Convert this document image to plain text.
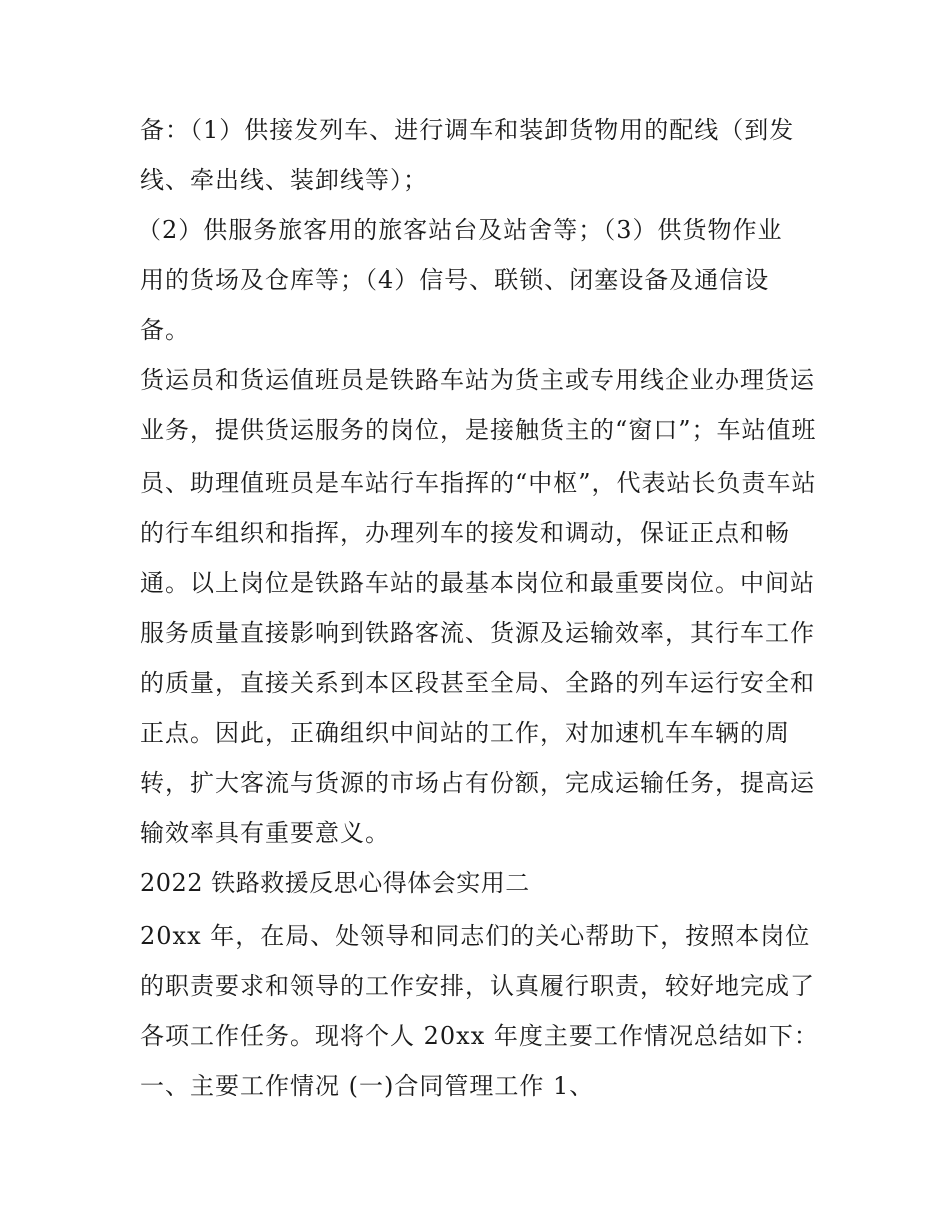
备：（1）供接发列车、进行调车和装卸货物用的配线（到发
线、牵出线、装卸线等）；
（2）供服务旅客用的旅客站台及站舍等；（3）供货物作业
用的货场及仓库等；（4）信号、联锁、闭塞设备及通信设
备。
货运员和货运值班员是铁路车站为货主或专用线企业办理货运
业务，提供货运服务的岗位，是接触货主的“窗口”；车站值班
员、助理值班员是车站行车指挥的“中枢”，代表站长负责车站
的行车组织和指挥，办理列车的接发和调动，保证正点和畅
通。以上岗位是铁路车站的最基本岗位和最重要岗位。中间站
服务质量直接影响到铁路客流、货源及运输效率，其行车工作
的质量，直接关系到本区段甚至全局、全路的列车运行安全和
正点。因此，正确组织中间站的工作，对加速机车车辆的周
转，扩大客流与货源的市场占有份额，完成运输任务，提高运
输效率具有重要意义。
2022 铁路救援反思心得体会实用二
20xx 年，在局、处领导和同志们的关心帮助下，按照本岗位
的职责要求和领导的工作安排，认真履行职责，较好地完成了
各项工作任务。现将个人 20xx 年度主要工作情况总结如下：
一、主要工作情况 (一)合同管理工作 1、
